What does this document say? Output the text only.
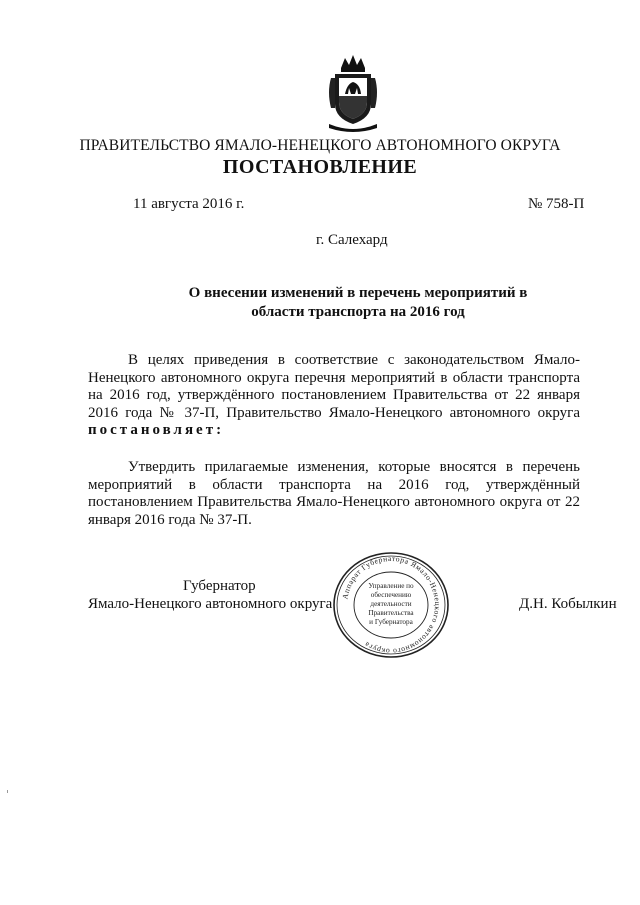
ПРАВИТЕЛЬСТВО ЯМАЛО-НЕНЕЦКОГО АВТОНОМНОГО ОКРУГА
ПОСТАНОВЛЕНИЕ
11 августа 2016 г.	№ 758-П
г. Салехард
О внесении изменений в перечень мероприятий в
области транспорта на 2016 год
В целях приведения в соответствие с законодательством Ямало-Ненецкого автономного округа перечня мероприятий в области транспорта на 2016 год, утверждённого постановлением Правительства от 22 января 2016 года № 37-П, Правительство Ямало-Ненецкого автономного округа постановляет:
Утвердить прилагаемые изменения, которые вносятся в перечень мероприятий в области транспорта на 2016 год, утверждённый постановлением Правительства Ямало-Ненецкого автономного округа от 22 января 2016 года № 37-П.
Губернатор
Ямало-Ненецкого автономного округа	Д.Н. Кобылкин
Аппарат Губернатора Ямало-Ненецкого автономного округа
Управление по
обеспечению
деятельности
Правительства
и Губернатора
